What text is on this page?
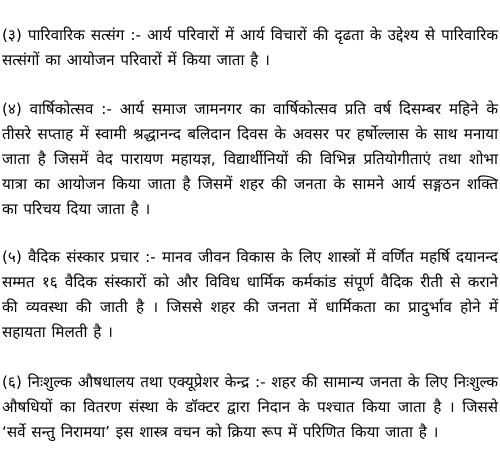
(३) पारिवारिक सत्संग :- आर्य परिवारों में आर्य विचारों की दृढता के उद्देश्य से पारिवारिक सत्संगों का आयोजन परिवारों में किया जाता है ।

(४) वार्षिकोत्सव :- आर्य समाज जामनगर का वार्षिकोत्सव प्रति वर्ष दिसम्बर महिने के तीसरे सप्ताह में स्वामी श्रद्धानन्द बलिदान दिवस के अवसर पर हर्षोल्लास के साथ मनाया जाता है जिसमें वेद पारायण महायज्ञ, विद्यार्थीनियों की विभिन्न प्रतियोगीताएं तथा शोभा यात्रा का आयोजन किया जाता है जिसमें शहर की जनता के सामने आर्य सङ्गठन शक्ति का परिचय दिया जाता है ।

(५) वैदिक संस्कार प्रचार :- मानव जीवन विकास के लिए शास्त्रों में वर्णित महर्षि दयानन्द सम्मत १६ वैदिक संस्कारों को और विविध धार्मिक कर्मकांड संपूर्ण वैदिक रीती से कराने की व्यवस्था की जाती है । जिससे शहर की जनता में धार्मिकता का प्रादुर्भाव होने में सहायता मिलती है ।

(६) निःशुल्क औषधालय तथा एक्यूप्रेशर केन्द्र :- शहर की सामान्य जनता के लिए निःशुल्क औषधियों का वितरण संस्था के डॉक्टर द्वारा निदान के पश्चात किया जाता है । जिससे ‘सर्वे सन्तु निरामया’ इस शास्त्र वचन को क्रिया रूप में परिणित किया जाता है ।
